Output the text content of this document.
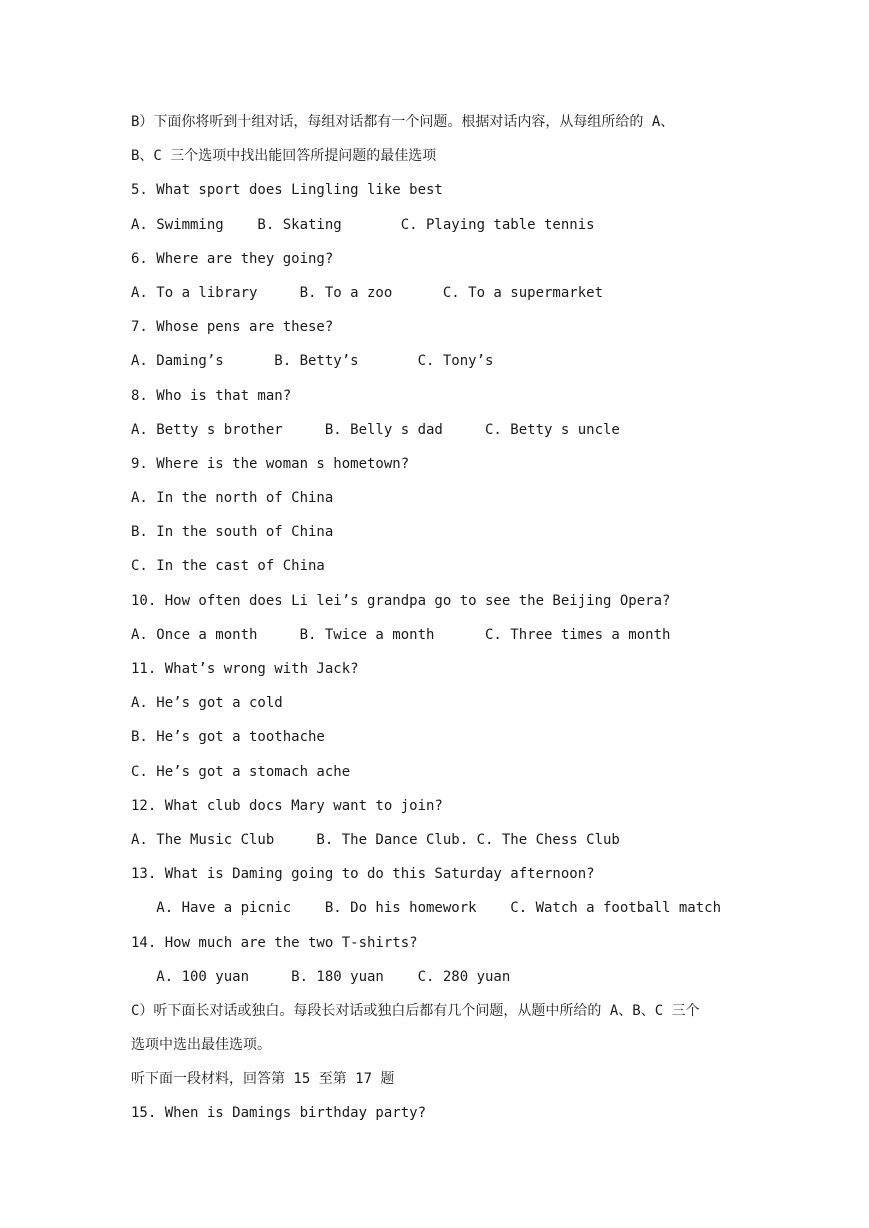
B）下面你将听到十组对话，每组对话都有一个问题。根据对话内容，从每组所给的 A、
B、C 三个选项中找出能回答所提问题的最佳选项
5. What sport does Lingling like best
A. Swimming    B. Skating       C. Playing table tennis
6. Where are they going?
A. To a library     B. To a zoo      C. To a supermarket
7. Whose pens are these?
A. Daming’s      B. Betty’s       C. Tony’s
8. Who is that man?
A. Betty s brother     B. Belly s dad     C. Betty s uncle
9. Where is the woman s hometown?
A. In the north of China
B. In the south of China
C. In the cast of China
10. How often does Li lei’s grandpa go to see the Beijing Opera?
A. Once a month     B. Twice a month      C. Three times a month
11. What’s wrong with Jack?
A. He’s got a cold
B. He’s got a toothache
C. He’s got a stomach ache
12. What club docs Mary want to join?
A. The Music Club     B. The Dance Club. C. The Chess Club
13. What is Daming going to do this Saturday afternoon?
A. Have a picnic    B. Do his homework    C. Watch a football match
14. How much are the two T-shirts?
A. 100 yuan     B. 180 yuan    C. 280 yuan
C）听下面长对话或独白。每段长对话或独白后都有几个问题，从题中所给的 A、B、C 三个
选项中选出最佳选项。
听下面一段材料，回答第 15 至第 17 题
15. When is Damings birthday party?
